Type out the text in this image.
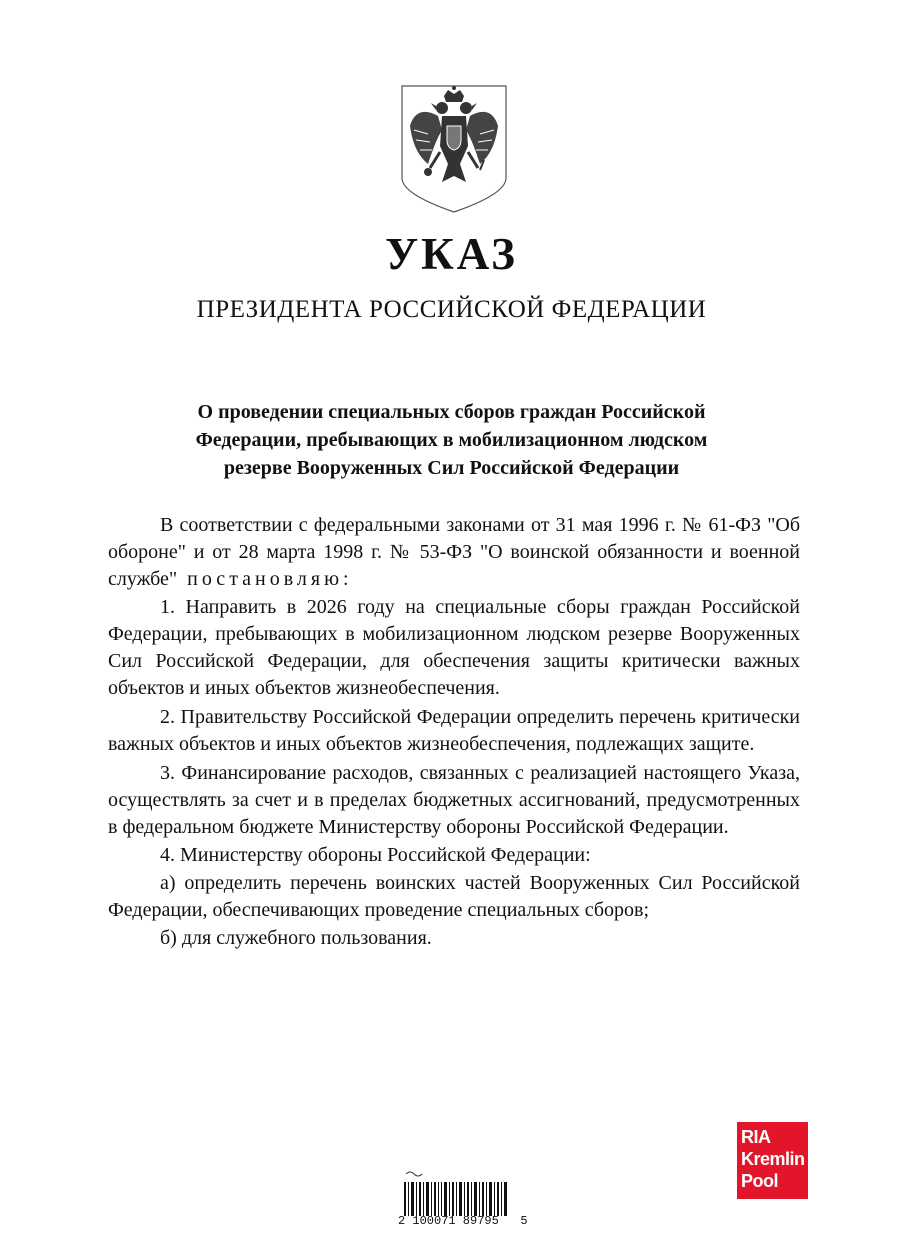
УКАЗ
ПРЕЗИДЕНТА РОССИЙСКОЙ ФЕДЕРАЦИИ
О проведении специальных сборов граждан Российской
Федерации, пребывающих в мобилизационном людском
резерве Вооруженных Сил Российской Федерации

В соответствии с федеральными законами от 31 мая 1996 г. № 61-ФЗ "Об обороне" и от 28 марта 1998 г. № 53-ФЗ "О воинской обязанности и военной службе" постановляю:

1. Направить в 2026 году на специальные сборы граждан Российской Федерации, пребывающих в мобилизационном людском резерве Вооруженных Сил Российской Федерации, для обеспечения защиты критически важных объектов и иных объектов жизнеобеспечения.

2. Правительству Российской Федерации определить перечень критически важных объектов и иных объектов жизнеобеспечения, подлежащих защите.

3. Финансирование расходов, связанных с реализацией настоящего Указа, осуществлять за счет и в пределах бюджетных ассигнований, предусмотренных в федеральном бюджете Министерству обороны Российской Федерации.

4. Министерству обороны Российской Федерации:

а) определить перечень воинских частей Вооруженных Сил Российской Федерации, обеспечивающих проведение специальных сборов;

б) для служебного пользования.

RIA
Kremlin
Pool
2 100071 89795   5
